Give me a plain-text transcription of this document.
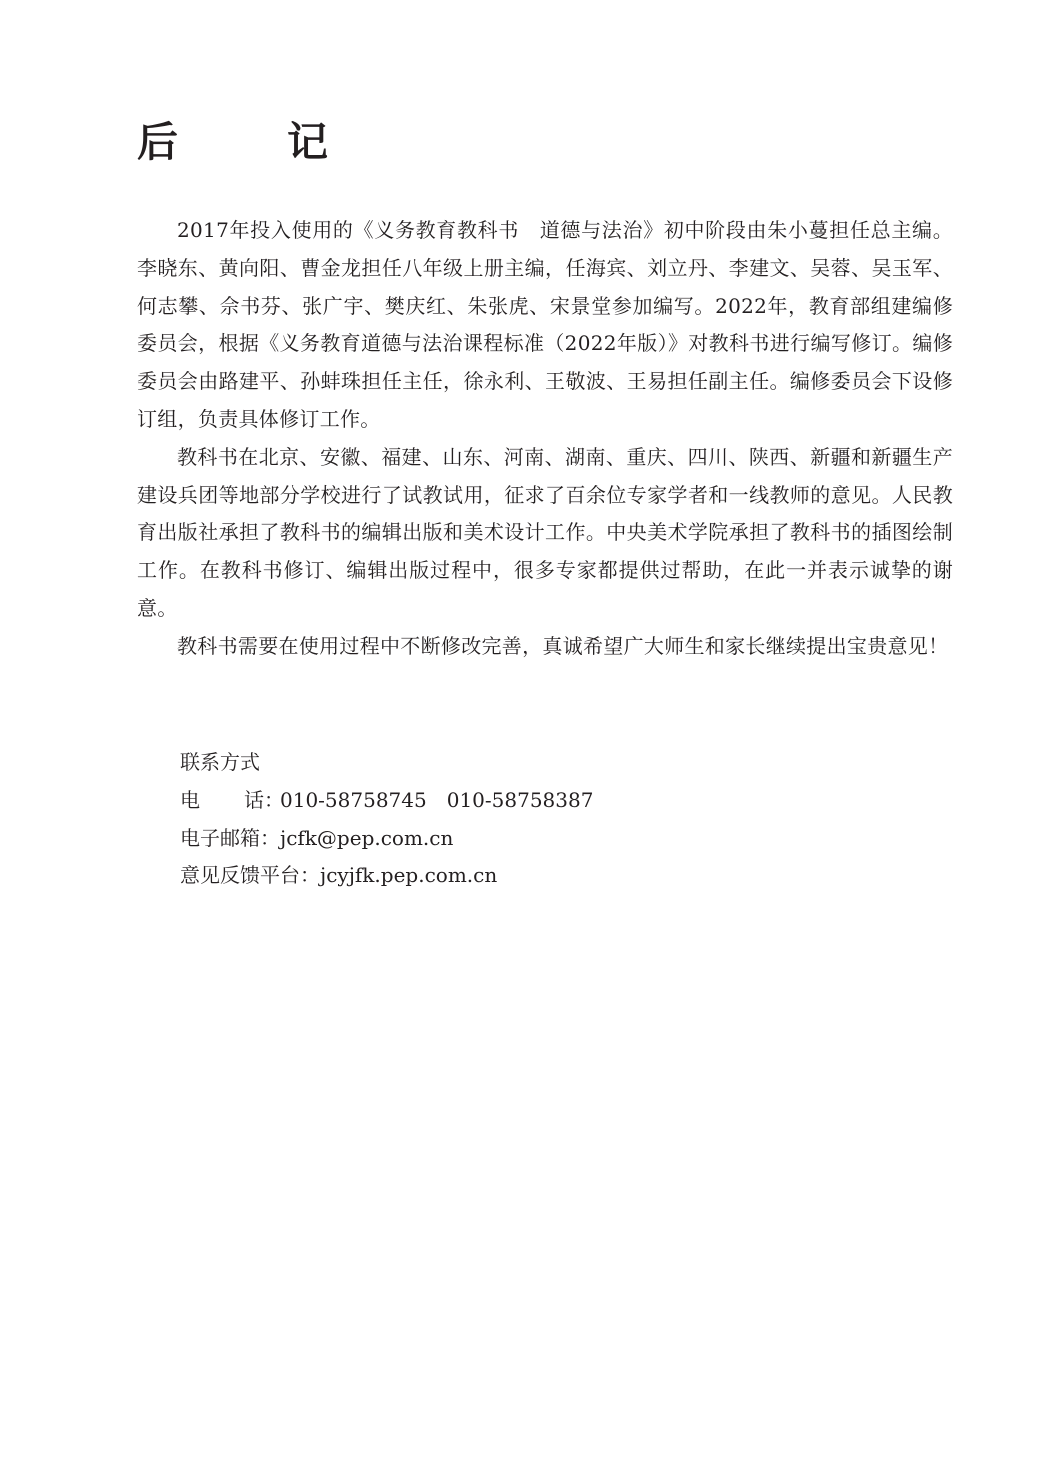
后　记

2017年投入使用的《义务教育教科书　道德与法治》初中阶段由朱小蔓担任总主编。李晓东、黄向阳、曹金龙担任八年级上册主编，任海宾、刘立丹、李建文、吴蓉、吴玉军、何志攀、佘书芬、张广宇、樊庆红、朱张虎、宋景堂参加编写。2022年，教育部组建编修委员会，根据《义务教育道德与法治课程标准（2022年版）》对教科书进行编写修订。编修委员会由路建平、孙蚌珠担任主任，徐永利、王敬波、王易担任副主任。编修委员会下设修订组，负责具体修订工作。

教科书在北京、安徽、福建、山东、河南、湖南、重庆、四川、陕西、新疆和新疆生产建设兵团等地部分学校进行了试教试用，征求了百余位专家学者和一线教师的意见。人民教育出版社承担了教科书的编辑出版和美术设计工作。中央美术学院承担了教科书的插图绘制工作。在教科书修订、编辑出版过程中，很多专家都提供过帮助，在此一并表示诚挚的谢意。

教科书需要在使用过程中不断修改完善，真诚希望广大师生和家长继续提出宝贵意见！

联系方式

电 话：010-58758745　010-58758387

电子邮箱：jcfk@pep.com.cn

意见反馈平台：jcyjfk.pep.com.cn
